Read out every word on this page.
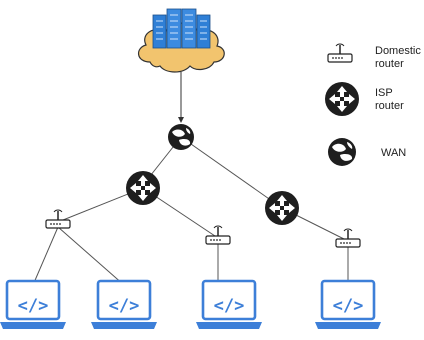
</>	</>	</>	</>
Domestic
router
ISP
router
WAN
